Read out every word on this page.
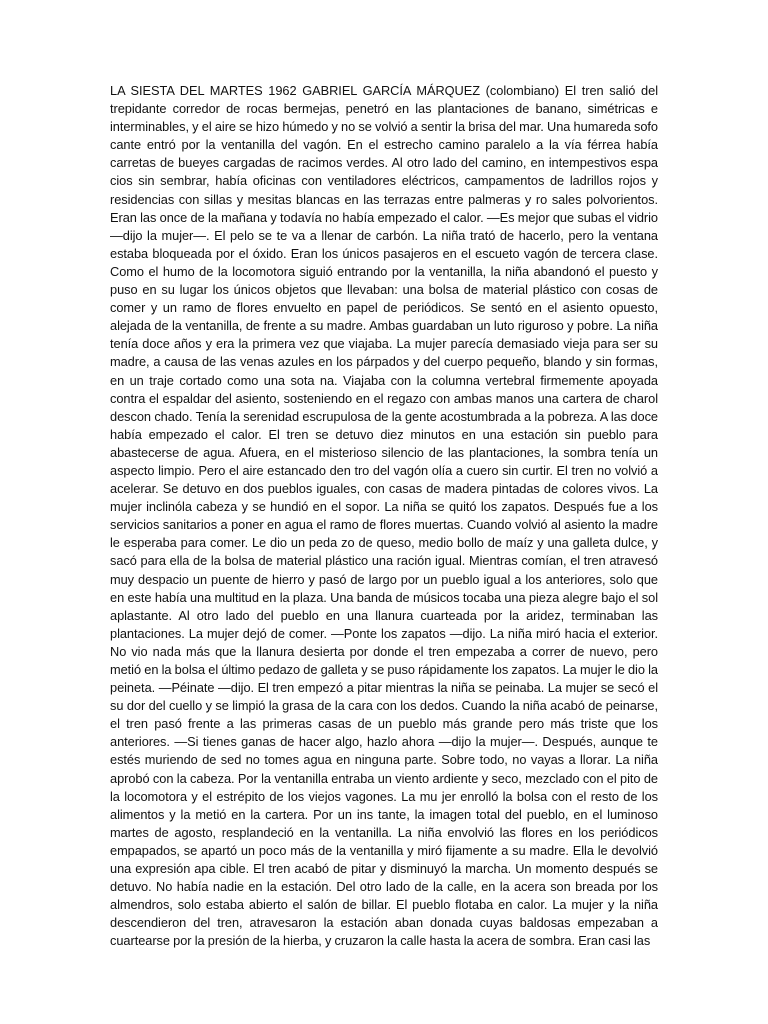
LA SIESTA DEL MARTES 1962 GABRIEL GARCÍA MÁRQUEZ (colombiano) El tren salió del trepidante corredor de rocas bermejas, penetró en las plantaciones de banano, simétricas e interminables, y el aire se hizo húmedo y no se volvió a sentir la brisa del mar. Una humareda sofo cante entró por la ventanilla del vagón. En el estrecho camino paralelo a la vía férrea había carretas de bueyes cargadas de racimos verdes. Al otro lado del camino, en intempestivos espa cios sin sembrar, había oficinas con ventiladores eléctricos, campamentos de ladrillos rojos y residencias con sillas y mesitas blancas en las terrazas entre palmeras y ro sales polvorientos. Eran las once de la mañana y todavía no había empezado el calor. —Es mejor que subas el vidrio —dijo la mujer—. El pelo se te va a llenar de carbón. La niña trató de hacerlo, pero la ventana estaba bloqueada por el óxido. Eran los únicos pasajeros en el escueto vagón de tercera clase. Como el humo de la locomotora siguió entrando por la ventanilla, la niña abandonó el puesto y puso en su lugar los únicos objetos que llevaban: una bolsa de material plástico con cosas de comer y un ramo de flores envuelto en papel de periódicos. Se sentó en el asiento opuesto, alejada de la ventanilla, de frente a su madre. Ambas guardaban un luto riguroso y pobre. La niña tenía doce años y era la primera vez que viajaba. La mujer parecía demasiado vieja para ser su madre, a causa de las venas azules en los párpados y del cuerpo pequeño, blando y sin formas, en un traje cortado como una sota na. Viajaba con la columna vertebral firmemente apoyada contra el espaldar del asiento, sosteniendo en el regazo con ambas manos una cartera de charol descon chado. Tenía la serenidad escrupulosa de la gente acostumbrada a la pobreza. A las doce había empezado el calor. El tren se detuvo diez minutos en una estación sin pueblo para abastecerse de agua. Afuera, en el misterioso silencio de las plantaciones, la sombra tenía un aspecto limpio. Pero el aire estancado den tro del vagón olía a cuero sin curtir. El tren no volvió a acelerar. Se detuvo en dos pueblos iguales, con casas de madera pintadas de colores vivos. La mujer inclinóla cabeza y se hundió en el sopor. La niña se quitó los zapatos. Después fue a los servicios sanitarios a poner en agua el ramo de flores muertas. Cuando volvió al asiento la madre le esperaba para comer. Le dio un peda zo de queso, medio bollo de maíz y una galleta dulce, y sacó para ella de la bolsa de material plástico una ración igual. Mientras comían, el tren atravesó muy despacio un puente de hierro y pasó de largo por un pueblo igual a los anteriores, solo que en este había una multitud en la plaza. Una banda de músicos tocaba una pieza alegre bajo el sol aplastante. Al otro lado del pueblo en una llanura cuarteada por la aridez, terminaban las plantaciones. La mujer dejó de comer. —Ponte los zapatos —dijo. La niña miró hacia el exterior. No vio nada más que la llanura desierta por donde el tren empezaba a correr de nuevo, pero metió en la bolsa el último pedazo de galleta y se puso rápidamente los zapatos. La mujer le dio la peineta. —Péinate —dijo. El tren empezó a pitar mientras la niña se peinaba. La mujer se secó el su dor del cuello y se limpió la grasa de la cara con los dedos. Cuando la niña acabó de peinarse, el tren pasó frente a las primeras casas de un pueblo más grande pero más triste que los anteriores. —Si tienes ganas de hacer algo, hazlo ahora —dijo la mujer—. Después, aunque te estés muriendo de sed no tomes agua en ninguna parte. Sobre todo, no vayas a llorar. La niña aprobó con la cabeza. Por la ventanilla entraba un viento ardiente y seco, mezclado con el pito de la locomotora y el estrépito de los viejos vagones. La mu jer enrolló la bolsa con el resto de los alimentos y la metió en la cartera. Por un ins tante, la imagen total del pueblo, en el luminoso martes de agosto, resplandeció en la ventanilla. La niña envolvió las flores en los periódicos empapados, se apartó un poco más de la ventanilla y miró fijamente a su madre. Ella le devolvió una expresión apa cible. El tren acabó de pitar y disminuyó la marcha. Un momento después se detuvo. No había nadie en la estación. Del otro lado de la calle, en la acera son breada por los almendros, solo estaba abierto el salón de billar. El pueblo flotaba en calor. La mujer y la niña descendieron del tren, atravesaron la estación aban donada cuyas baldosas empezaban a cuartearse por la presión de la hierba, y cruzaron la calle hasta la acera de sombra. Eran casi las
